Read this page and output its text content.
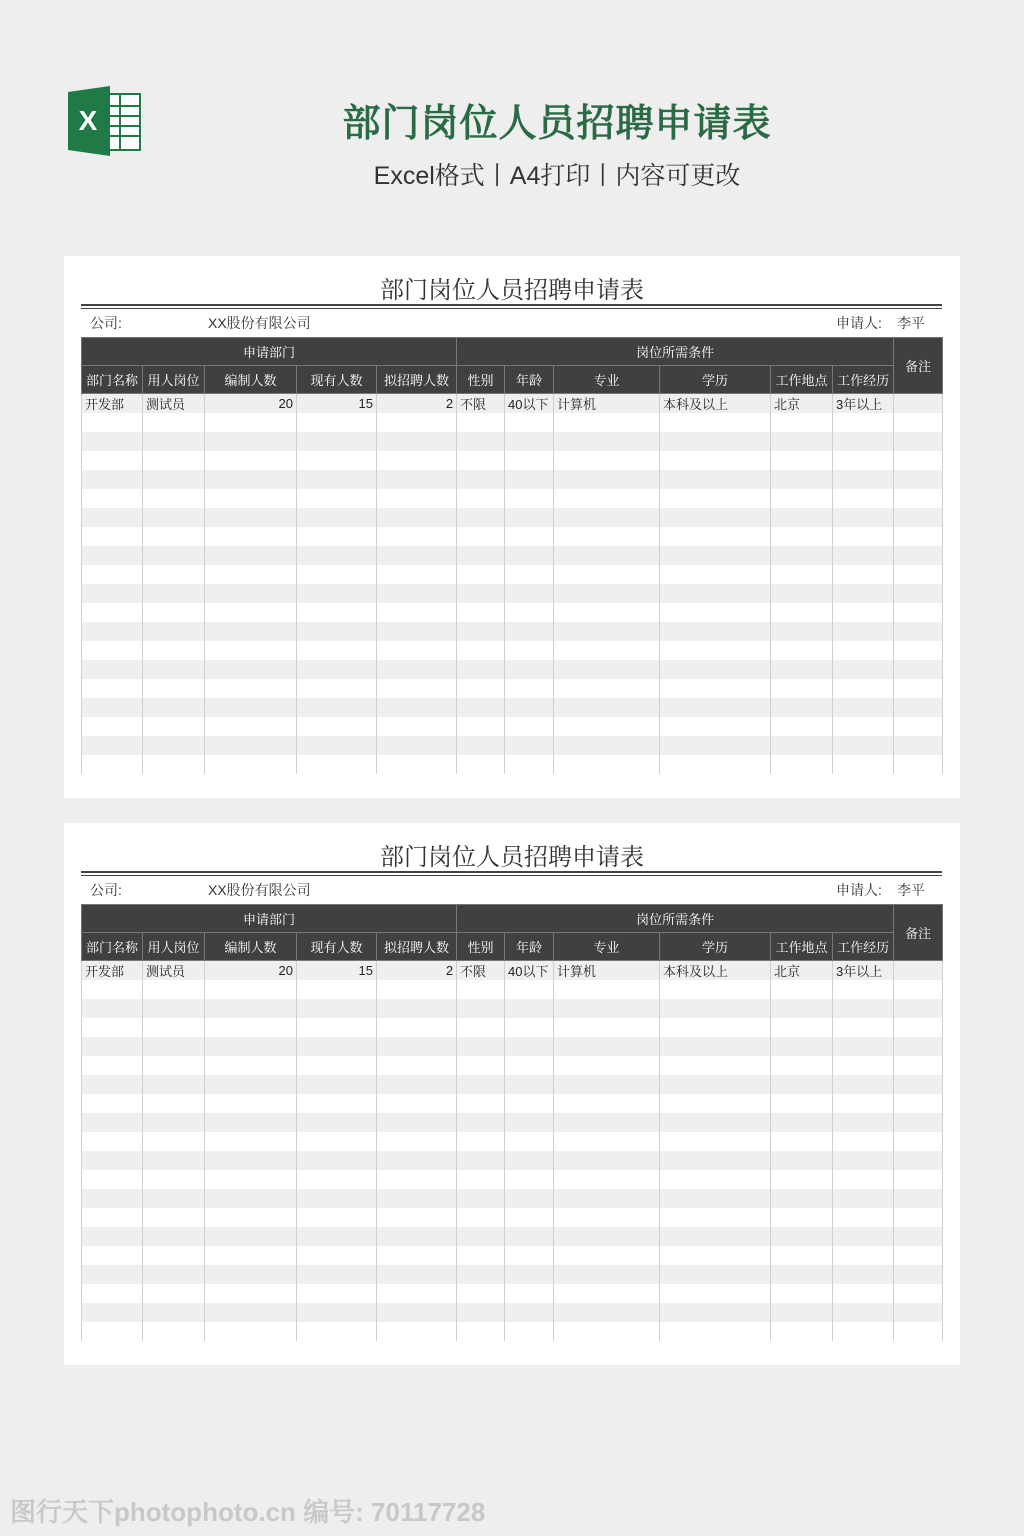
X	部门岗位人员招聘申请表
Excel格式丨A4打印丨内容可更改
部门岗位人员招聘申请表
公司:	XX股份有限公司	申请人: 李平
申请部门					岗位所需条件						备注
部门名称	用人岗位	编制人数	现有人数	拟招聘人数	性别	年龄	专业	学历	工作地点	工作经历	
开发部	测试员	20	15	2	不限	40以下	计算机	本科及以上	北京	3年以上	

部门岗位人员招聘申请表
公司:	XX股份有限公司	申请人: 李平
申请部门					岗位所需条件						备注
部门名称	用人岗位	编制人数	现有人数	拟招聘人数	性别	年龄	专业	学历	工作地点	工作经历	
开发部	测试员	20	15	2	不限	40以下	计算机	本科及以上	北京	3年以上	

图行天下photophoto.cn 编号: 70117728
